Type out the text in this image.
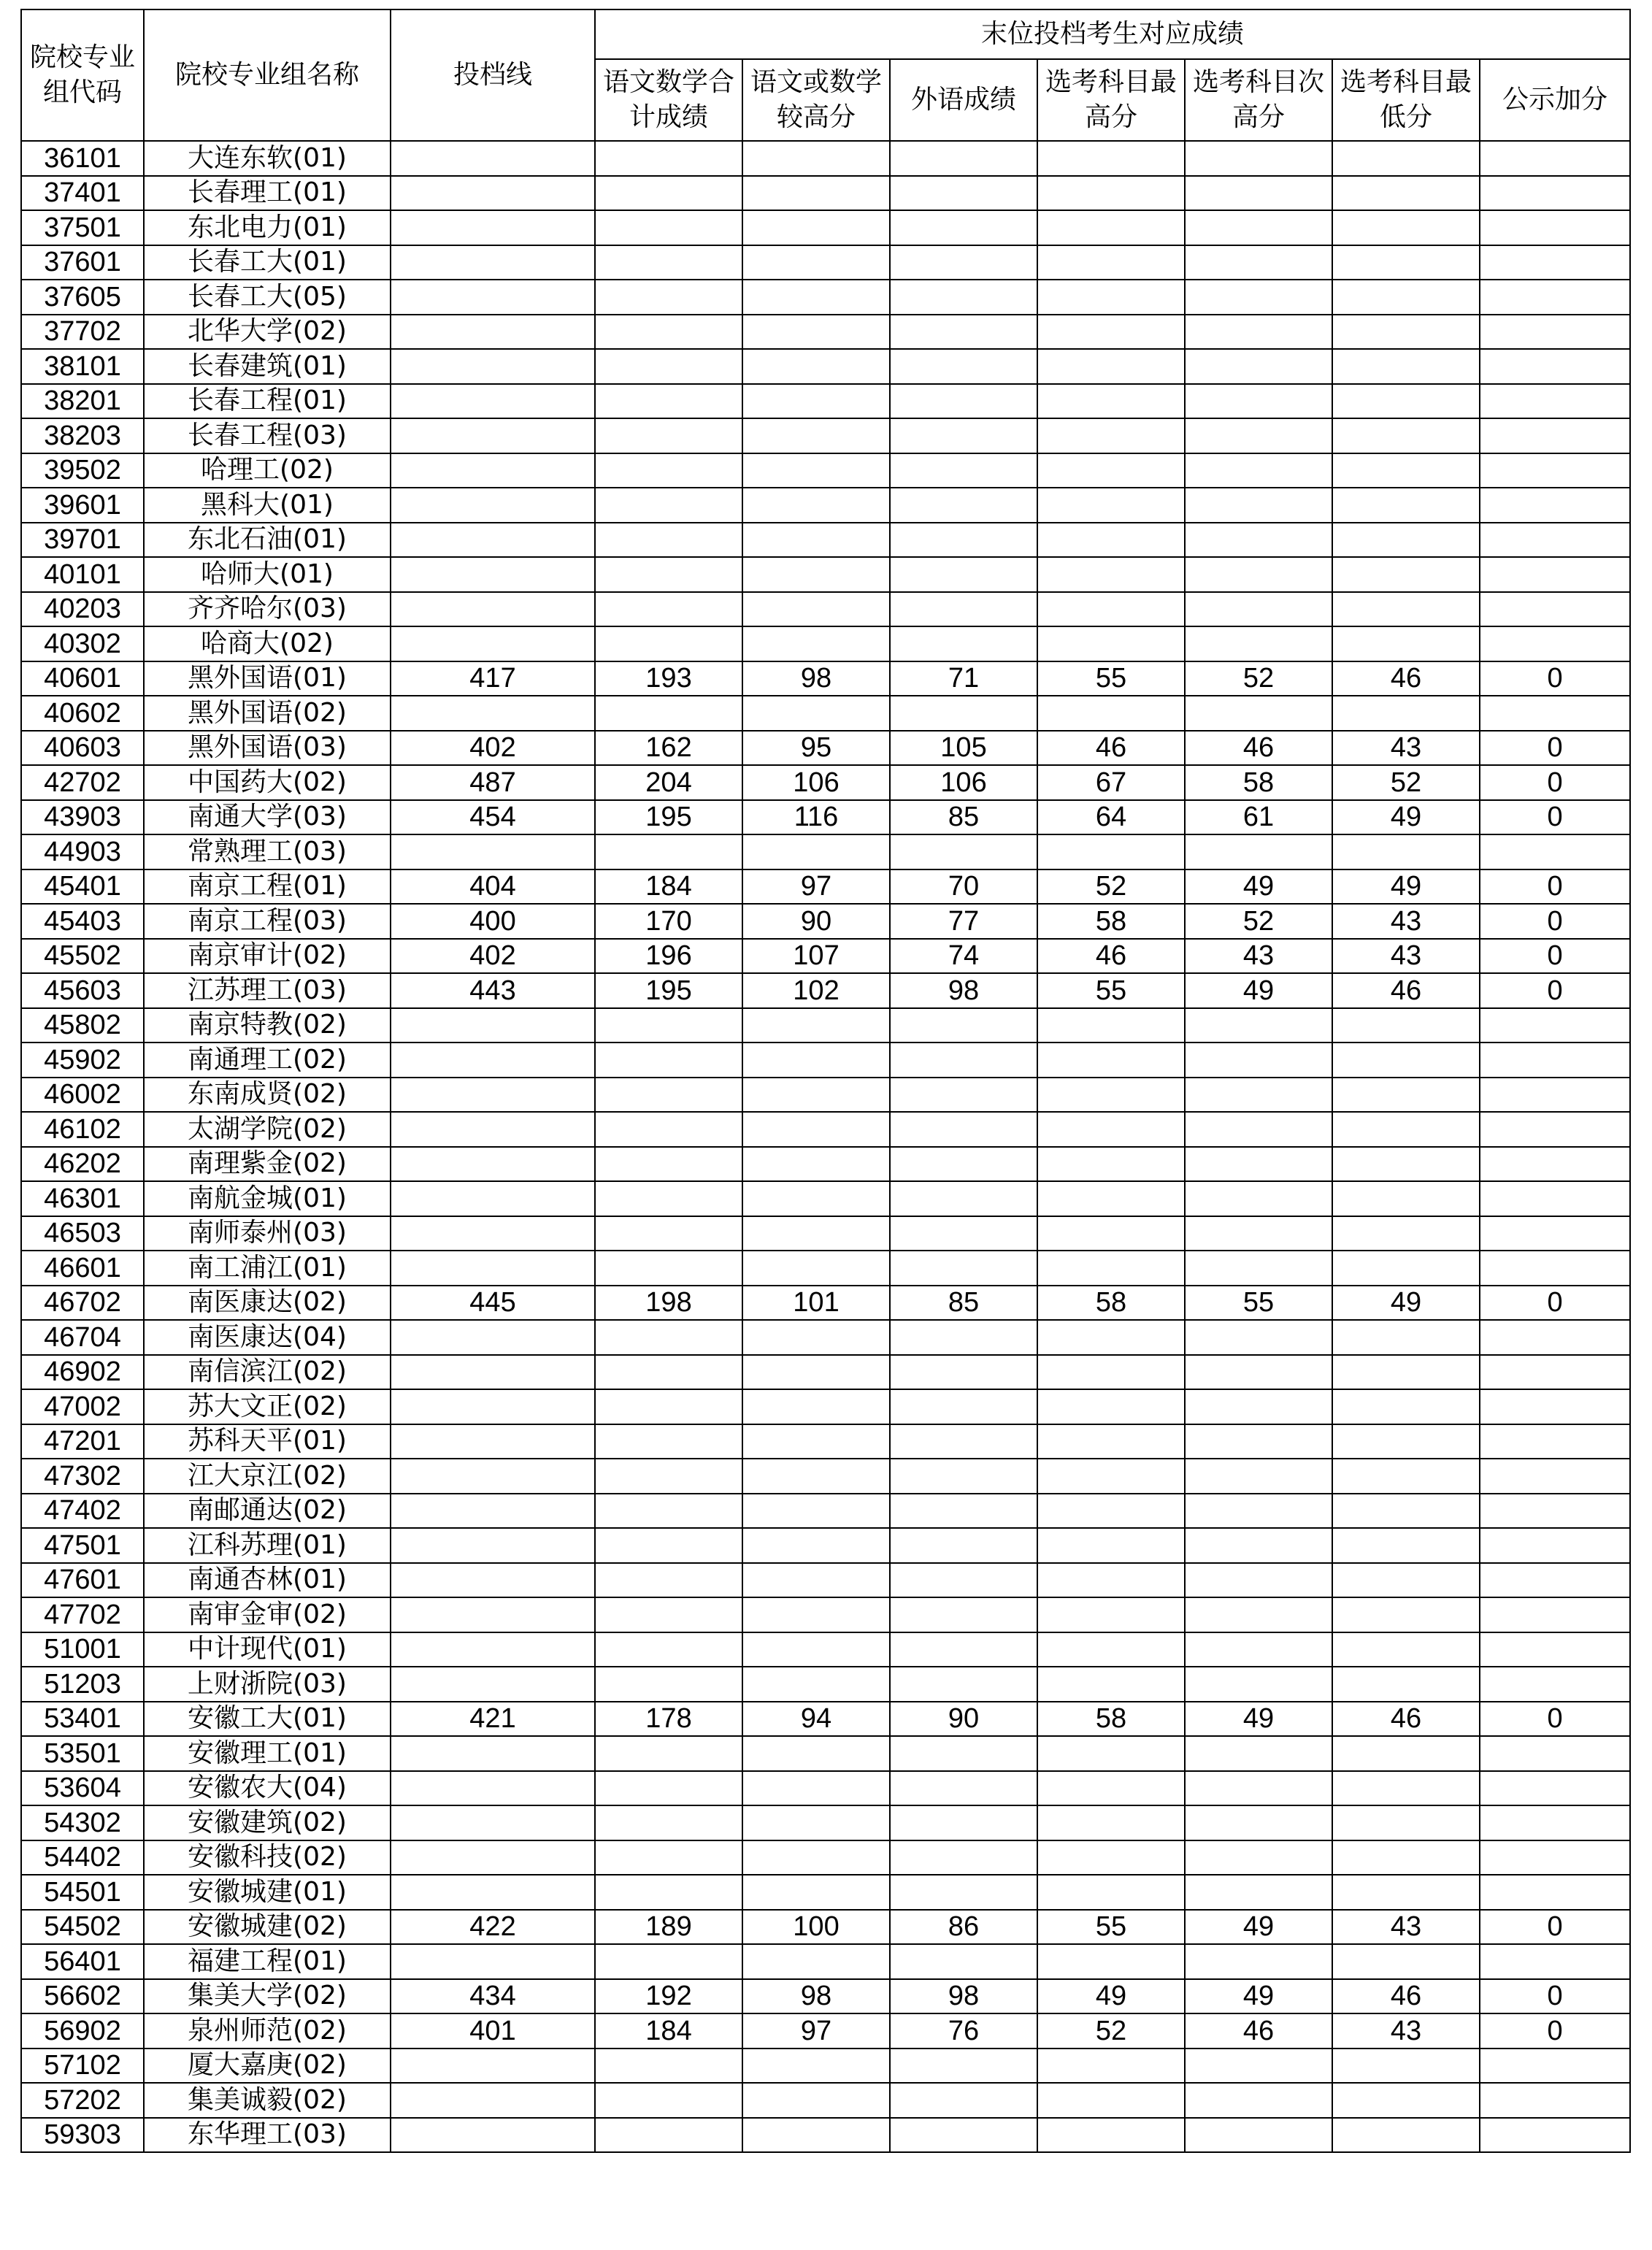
院校专业组代码	院校专业组名称	投档线	末位投档考生对应成绩						
			语文数学合计成绩	语文或数学较高分	外语成绩	选考科目最高分	选考科目次高分	选考科目最低分	公示加分
36101	大连东软(01)								
37401	长春理工(01)								
37501	东北电力(01)								
37601	长春工大(01)								
37605	长春工大(05)								
37702	北华大学(02)								
38101	长春建筑(01)								
38201	长春工程(01)								
38203	长春工程(03)								
39502	哈理工(02)								
39601	黑科大(01)								
39701	东北石油(01)								
40101	哈师大(01)								
40203	齐齐哈尔(03)								
40302	哈商大(02)								
40601	黑外国语(01)	417	193	98	71	55	52	46	0
40602	黑外国语(02)								
40603	黑外国语(03)	402	162	95	105	46	46	43	0
42702	中国药大(02)	487	204	106	106	67	58	52	0
43903	南通大学(03)	454	195	116	85	64	61	49	0
44903	常熟理工(03)								
45401	南京工程(01)	404	184	97	70	52	49	49	0
45403	南京工程(03)	400	170	90	77	58	52	43	0
45502	南京审计(02)	402	196	107	74	46	43	43	0
45603	江苏理工(03)	443	195	102	98	55	49	46	0
45802	南京特教(02)								
45902	南通理工(02)								
46002	东南成贤(02)								
46102	太湖学院(02)								
46202	南理紫金(02)								
46301	南航金城(01)								
46503	南师泰州(03)								
46601	南工浦江(01)								
46702	南医康达(02)	445	198	101	85	58	55	49	0
46704	南医康达(04)								
46902	南信滨江(02)								
47002	苏大文正(02)								
47201	苏科天平(01)								
47302	江大京江(02)								
47402	南邮通达(02)								
47501	江科苏理(01)								
47601	南通杏林(01)								
47702	南审金审(02)								
51001	中计现代(01)								
51203	上财浙院(03)								
53401	安徽工大(01)	421	178	94	90	58	49	46	0
53501	安徽理工(01)								
53604	安徽农大(04)								
54302	安徽建筑(02)								
54402	安徽科技(02)								
54501	安徽城建(01)								
54502	安徽城建(02)	422	189	100	86	55	49	43	0
56401	福建工程(01)								
56602	集美大学(02)	434	192	98	98	49	49	46	0
56902	泉州师范(02)	401	184	97	76	52	46	43	0
57102	厦大嘉庚(02)								
57202	集美诚毅(02)								
59303	东华理工(03)								
